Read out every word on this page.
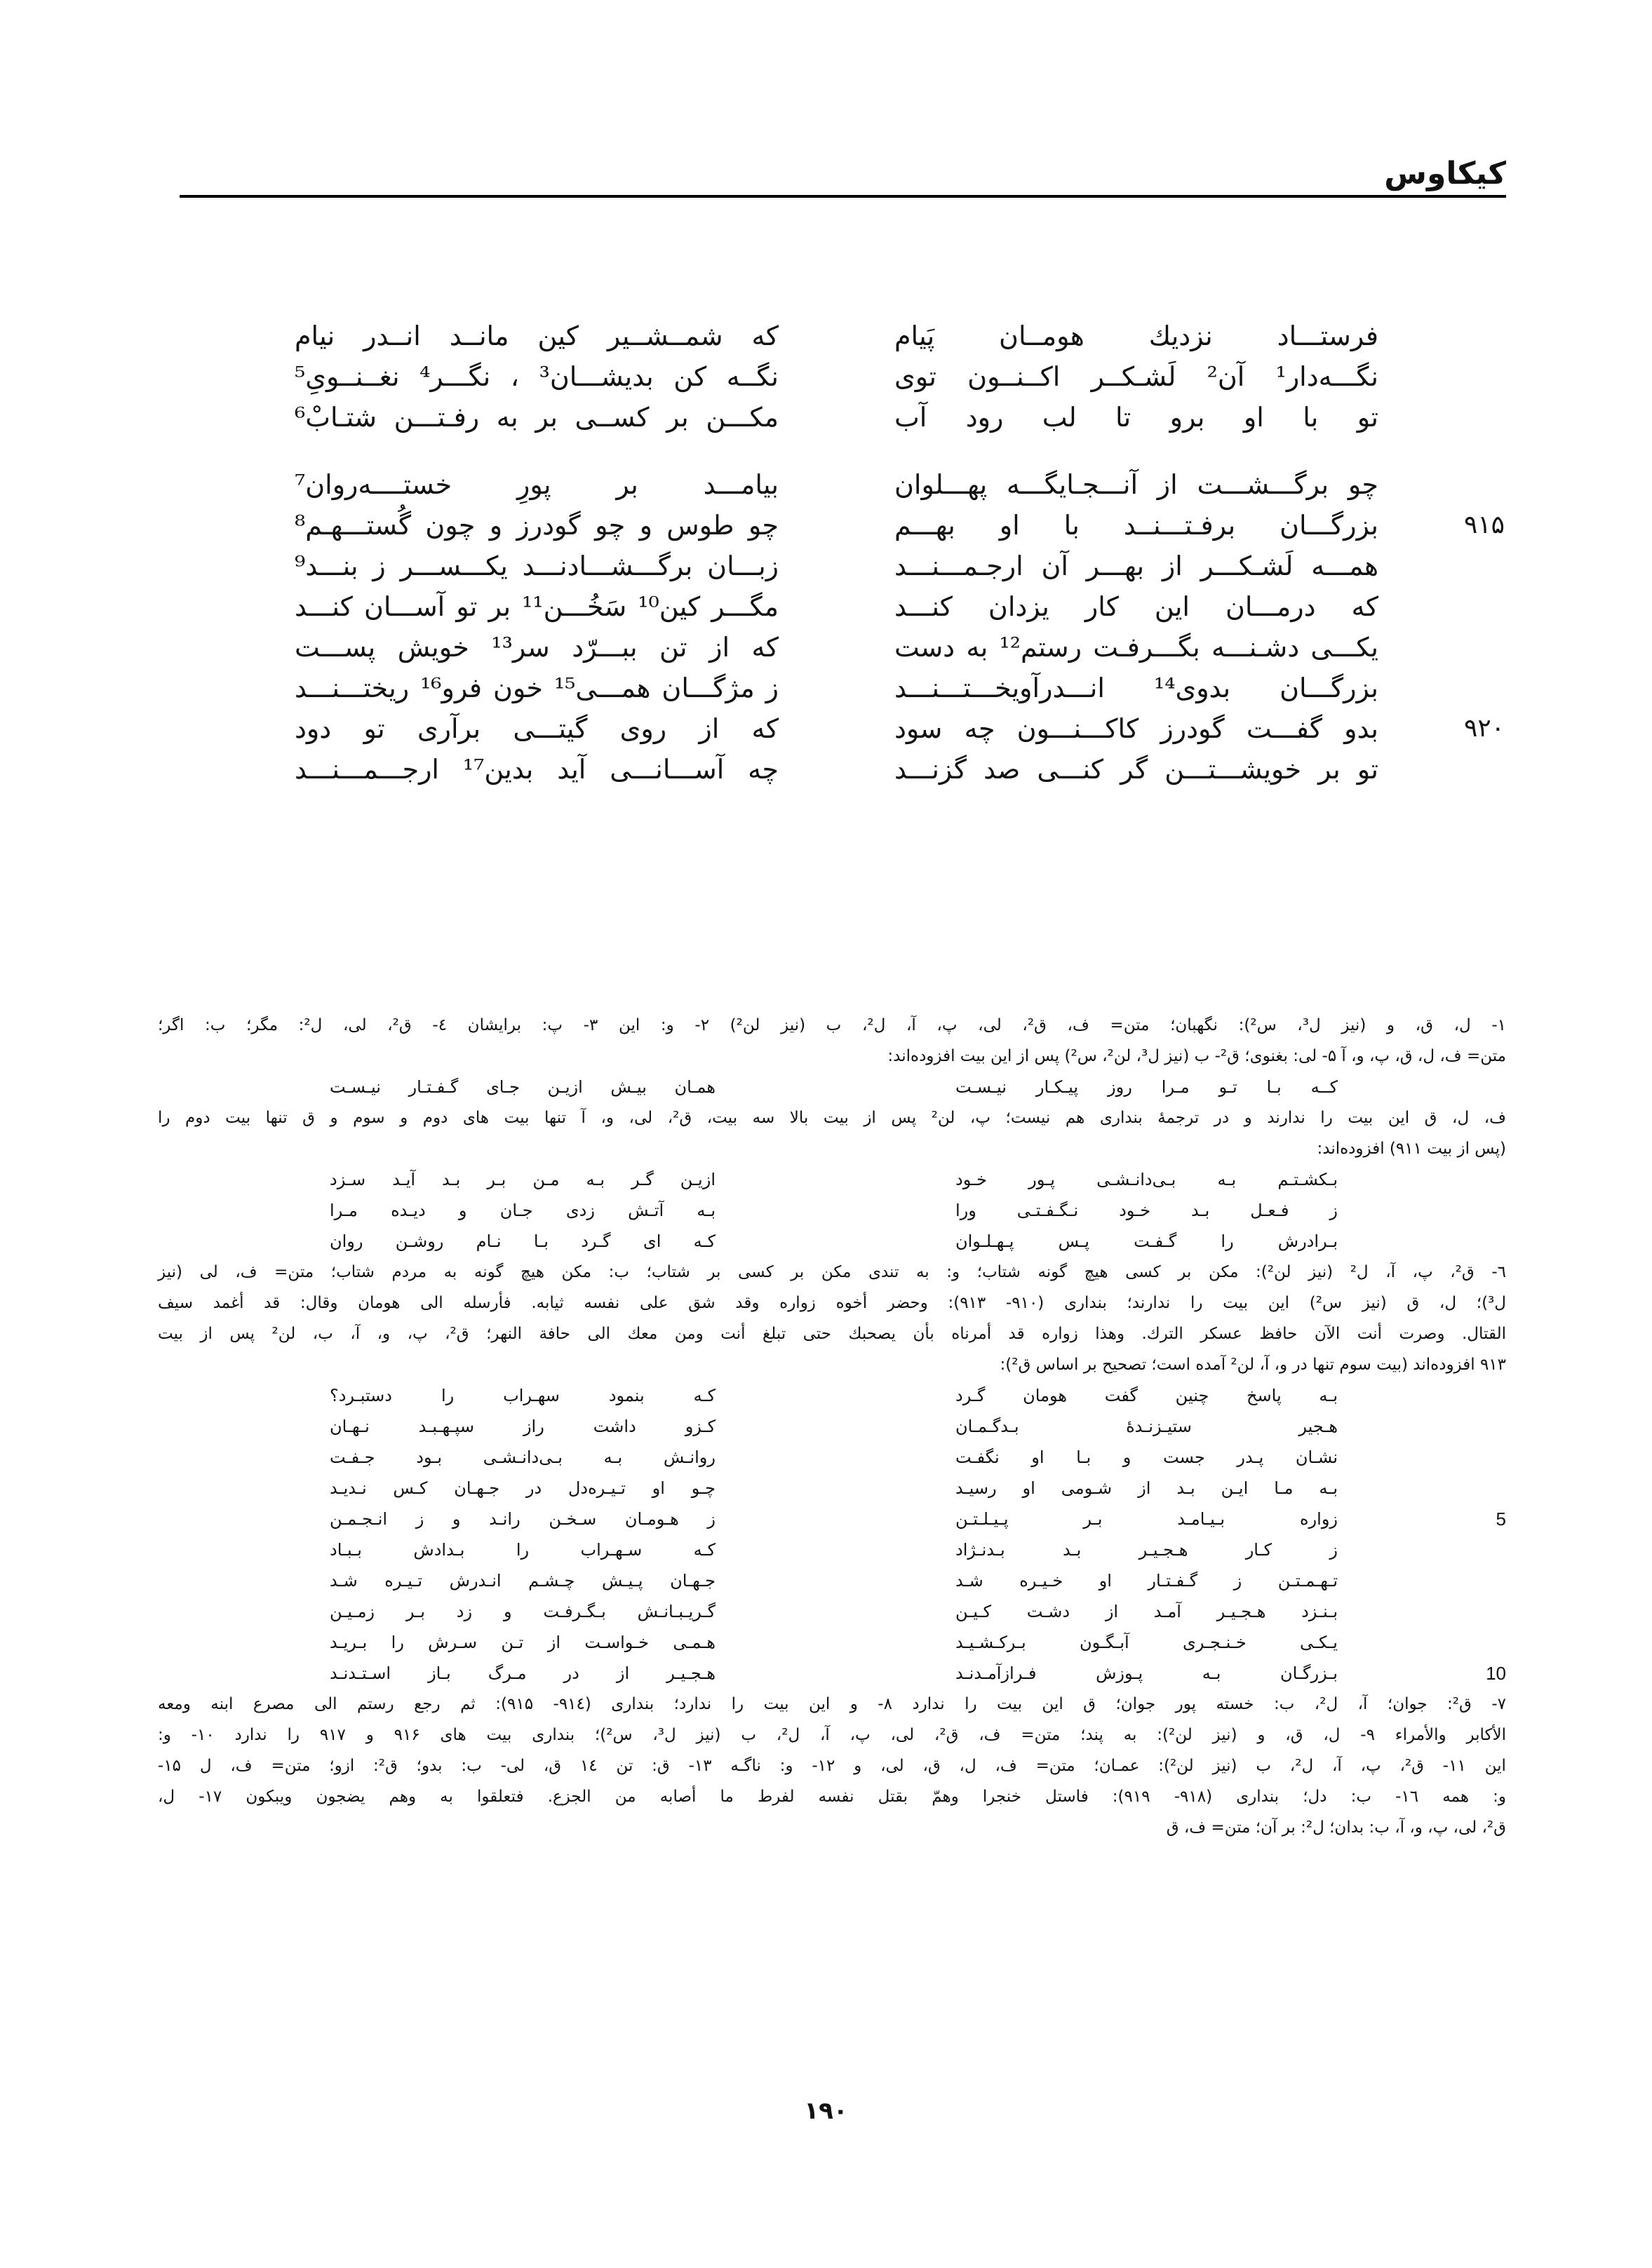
کیکاوس
فرستـــاد نزدیك هومــان پَیام
که شمــشــیر کین مانــد انــدر نیام
نگـــه‌دار¹ آن² لَشـکــر اکــنــون توی
نگــه کن بدیشـــان³ ، نگـــر⁴ نغــنــویِ⁵
تو با او برو تا لب رود آب
مکـــن بر کســی بر به رفـتـــن شتـابْ⁶
چو برگـــشـــت از آنـــجـایگـــه پهـــلوان
بیامـــد بر پورِ خستــــه‌روان⁷
۹۱۵
بزرگـــان برفـتـــنــد با او بهـــم
چو طوس و چو گودرز و چون گُستـــهـم⁸
همـــه لَشـکـــر از بهـــر آن ارجـمـــنـــد
زبـــان برگـــشـــادنـــد یکـــســـر ز بنـــد⁹
که درمـــان این کار یزدان کنـــد
مگـــر کین¹⁰ سَخُـــن¹¹ بر تو آســـان کنـــد
یکـــی دشـنـــه بگـــرفـت رستم¹² به دست
که از تن ببـــرّد سر¹³ خویش پســـت
بزرگـــان بدوی¹⁴ انـــدرآویخـــتـــنـــد
ز مژگـــان همـــی¹⁵ خون فرو¹⁶ ریختـــنـــد
۹۲۰
بدو گفـــت گودرز کاکـــنـــون چه سود
که از روی گیتـــی برآری تو دود
تو بر خویشـــتـــن گر کنـــی صد گزنـــد
چه آســـانـــی آید بدین¹⁷ ارجـــمـــنـــد
۱- ل، ق، و (نیز ل³، س²): نگهبان؛ متن= ف، ق²، لی، پ، آ، ل²، ب (نیز لن²) ۲- و: این ۳- پ: برایشان ٤- ق²، لی، ل²: مگر؛ ب: اگر؛
متن= ف، ل، ق، پ، و، آ ۵- لی: بغنوی؛ ق²- ب (نیز ل³، لن²، س²) پس از این بیت افزوده‌اند:
کــه بـا تـو مـرا روز پیـکـار نیـسـت
همـان بیـش ازیـن جـای گـفـتـار نیـسـت
ف، ل، ق این بیت را ندارند و در ترجمهٔ بنداری هم نیست؛ پ، لن² پس از بیت بالا سه بیت، ق²، لی، و، آ تنها بیت های دوم و سوم و ق تنها بیت دوم را
(پس از بیت ۹۱۱) افزوده‌اند:
بـکشـتـم بـه بـی‌دانـشـی پـور خـود
ازیـن گـر بـه مـن بـر بـد آیـد سـزد
ز فـعـل بـد خـود نـگـفـتـی ورا
بـه آتـش زدی جـان و دیـده مـرا
بـرادرش را گـفـت پـس پـهـلـوان
کـه ای گـرد بـا نـام روشـن روان
٦- ق²، پ، آ، ل² (نیز لن²): مکن بر کسی هیچ گونه شتاب؛ و: به تندی مکن بر کسی بر شتاب؛ ب: مکن هیچ گونه به مردم شتاب؛ متن= ف، لی (نیز
ل³)؛ ل، ق (نیز س²) این بیت را ندارند؛ بنداری (۹۱۰- ۹۱۳): وحضر أخوه زواره وقد شق علی نفسه ثیابه. فأرسله الی هومان وقال: قد أغمد سیف
القتال. وصرت أنت الآن حافظ عسکر الترك. وهذا زواره قد أمرناه بأن یصحبك حتی تبلغ أنت ومن معك الی حافة النهر؛ ق²، پ، و، آ، ب، لن² پس از بیت
۹۱۳ افزوده‌اند (بیت سوم تنها در و، آ، لن² آمده است؛ تصحیح بر اساس ق²):
بـه پاسخ چنین گفت هومان گـرد
کـه بنمود سهـراب را دستبـرد؟
هـجیر ستیـزنـدهٔ بـدگـمـان
کـزو داشت راز سپـهـبـد نـهـان
نشـان پـدر جست و بـا او نگفـت
روانـش بـه بـی‌دانـشـی بـود جـفـت
بـه مـا ایـن بـد از شـومی او رسیـد
چـو او تـیـره‌دل در جـهـان کـس نـدیـد
5
زواره بـیـامـد بـر پـیـلـتـن
ز هـومـان سـخـن رانـد و ز انـجـمـن
ز کـار هـجـیـر بـد بـدنـژاد
کـه سـهـراب را بـدادش بـبـاد
تـهـمـتـن ز گـفـتـار او خـیـره شـد
جـهـان پـیـش چـشـم انـدرش تـیـره شـد
بـنـزد هـجـیـر آمـد از دشـت کـیـن
گـریـبـانـش بـگـرفـت و زد بـر زمـیـن
یـکـی خـنـجـری آبـگـون بـرکـشـیـد
هـمـی خـواسـت از تـن سـرش را بـریـد
10
بـزرگـان بـه پـوزش فـرازآمـدنـد
هـجـیـر از در مـرگ بـاز اسـتـدنـد
۷- ق²: جوان؛ آ، ل²، ب: خسته پور جوان؛ ق این بیت را ندارد ۸- و این بیت را ندارد؛ بنداری (۹۱٤- ۹۱۵): ثم رجع رستم الی مصرع ابنه ومعه
الأکابر والأمراء ۹- ل، ق، و (نیز لن²): به پند؛ متن= ف، ق²، لی، پ، آ، ل²، ب (نیز ل³، س²)؛ بنداری بیت های ۹۱۶ و ۹۱۷ را ندارد ۱۰- و:
این ۱۱- ق²، پ، آ، ل²، ب (نیز لن²): عمـان؛ متن= ف، ل، ق، لی، و ۱۲- و: ناگـه ۱۳- ق: تن ۱٤ ق، لی- ب: بدو؛ ق²: ازو؛ متن= ف، ل ۱۵-
و: همه ۱٦- ب: دل؛ بنداری (۹۱۸- ۹۱۹): فاستل خنجرا وهمّ بقتل نفسه لفرط ما أصابه من الجزع. فتعلقوا به وهم یضجون ویبکون ۱۷- ل،
ق²، لی، پ، و، آ، ب: بدان؛ ل²: بر آن؛ متن= ف، ق
۱۹۰
